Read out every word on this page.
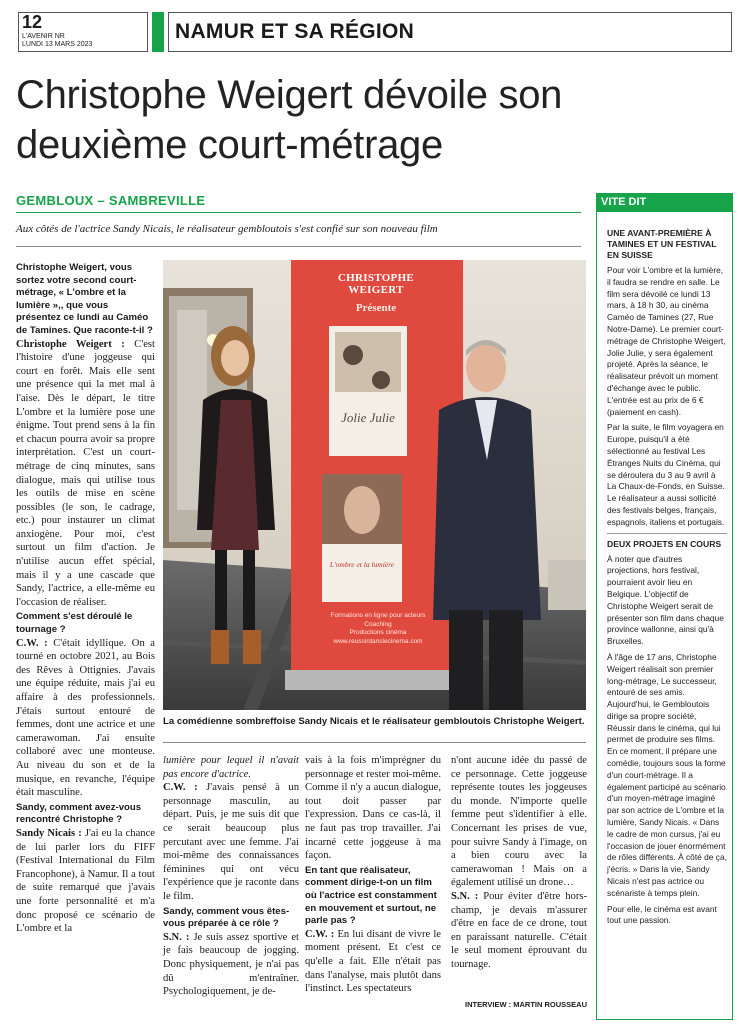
12
L'AVENIR NR
LUNDI 13 MARS 2023
NAMUR ET SA RÉGION
Christophe Weigert dévoile son deuxième court-métrage
GEMBLOUX – SAMBREVILLE
Aux côtés de l'actrice Sandy Nicais, le réalisateur gembloutois s'est confié sur son nouveau film

Christophe Weigert, vous sortez votre second court-métrage, « L'ombre et la lumière »,, que vous présentez ce lundi au Caméo de Tamines. Que raconte-t-il ?

Christophe Weigert : C'est l'histoire d'une joggeuse qui court en forêt. Mais elle sent une présence qui la met mal à l'aise. Dès le départ, le titre L'ombre et la lumière pose une énigme. Tout prend sens à la fin et chacun pourra avoir sa propre interprétation. C'est un court-métrage de cinq minutes, sans dialogue, mais qui utilise tous les outils de mise en scène possibles (le son, le cadrage, etc.) pour instaurer un climat anxiogène. Pour moi, c'est surtout un film d'action. Je n'utilise aucun effet spécial, mais il y a une cascade que Sandy, l'actrice, a elle-même eu l'occasion de réaliser.

Comment s'est déroulé le tournage ?

C.W. : C'était idyllique. On a tourné en octobre 2021, au Bois des Rêves à Ottignies. J'avais une équipe réduite, mais j'ai eu affaire à des professionnels. J'étais surtout entouré de femmes, dont une actrice et une camerawoman. J'ai ensuite collaboré avec une monteuse. Au niveau du son et de la musique, en revanche, l'équipe était masculine.

Sandy, comment avez-vous rencontré Christophe ?

Sandy Nicais : J'ai eu la chance de lui parler lors du FIFF (Festival International du Film Francophone), à Namur. Il a tout de suite remarqué que j'avais une forte personnalité et m'a donc proposé ce scénario de L'ombre et la

CHRISTOPHE WEIGERT
Présente
Jolie Julie
L'ombre et la lumière
Formations en ligne pour acteurs
Coaching
Productions cinéma
www.reussirdanslecinema.com
La comédienne sombreffoise Sandy Nicais et le réalisateur gembloutois Christophe Weigert.

lumière pour lequel il n'avait pas encore d'actrice.

C.W. : J'avais pensé à un personnage masculin, au départ. Puis, je me suis dit que ce serait beaucoup plus percutant avec une femme. J'ai moi-même des connaissances féminines qui ont vécu l'expérience que je raconte dans le film.

Sandy, comment vous êtes-vous préparée à ce rôle ?

S.N. : Je suis assez sportive et je fais beaucoup de jogging. Donc physiquement, je n'ai pas dû m'entraîner. Psychologiquement, je de-

vais à la fois m'imprégner du personnage et rester moi-même. Comme il n'y a aucun dialogue, tout doit passer par l'expression. Dans ce cas-là, il ne faut pas trop travailler. J'ai incarné cette joggeuse à ma façon.

En tant que réalisateur, comment dirige-t-on un film où l'actrice est constamment en mouvement et surtout, ne parle pas ?

C.W. : En lui disant de vivre le moment présent. Et c'est ce qu'elle a fait. Elle n'était pas dans l'analyse, mais plutôt dans l'instinct. Les spectateurs

n'ont aucune idée du passé de ce personnage. Cette joggeuse représente toutes les joggeuses du monde. N'importe quelle femme peut s'identifier à elle. Concernant les prises de vue, pour suivre Sandy à l'image, on a bien couru avec la camerawoman ! Mais on a également utilisé un drone…

S.N. : Pour éviter d'être hors-champ, je devais m'assurer d'être en face de ce drone, tout en paraissant naturelle. C'était le seul moment éprouvant du tournage.

INTERVIEW : MARTIN ROUSSEAU
VITE DIT
UNE AVANT-PREMIÈRE À TAMINES ET UN FESTIVAL EN SUISSE

Pour voir L'ombre et la lumière, il faudra se rendre en salle. Le film sera dévoilé ce lundi 13 mars, à 18 h 30, au cinéma Caméo de Tamines (27, Rue Notre-Dame). Le premier court-métrage de Christophe Weigert, Jolie Julie, y sera également projeté. Après la séance, le réalisateur prévoit un moment d'échange avec le public. L'entrée est au prix de 6 € (paiement en cash).

Par la suite, le film voyagera en Europe, puisqu'il a été sélectionné au festival Les Étranges Nuits du Cinéma, qui se déroulera du 3 au 9 avril à La Chaux-de-Fonds, en Suisse. Le réalisateur a aussi sollicité des festivals belges, français, espagnols, italiens et portugais.

DEUX PROJETS EN COURS

À noter que d'autres projections, hors festival, pourraient avoir lieu en Belgique. L'objectif de Christophe Weigert serait de présenter son film dans chaque province wallonne, ainsi qu'à Bruxelles.

À l'âge de 17 ans, Christophe Weigert réalisait son premier long-métrage, Le successeur, entouré de ses amis. Aujourd'hui, le Gembloutois dirige sa propre société, Réussir dans le cinéma, qui lui permet de produire ses films. En ce moment, il prépare une comédie, toujours sous la forme d'un court-métrage. Il a également participé au scénario d'un moyen-métrage imaginé par son actrice de L'ombre et la lumière, Sandy Nicais. « Dans le cadre de mon cursus, j'ai eu l'occasion de jouer énormément de rôles différents. À côté de ça, j'écris. » Dans la vie, Sandy Nicais n'est pas actrice ou scénariste à temps plein.

Pour elle, le cinéma est avant tout une passion.
